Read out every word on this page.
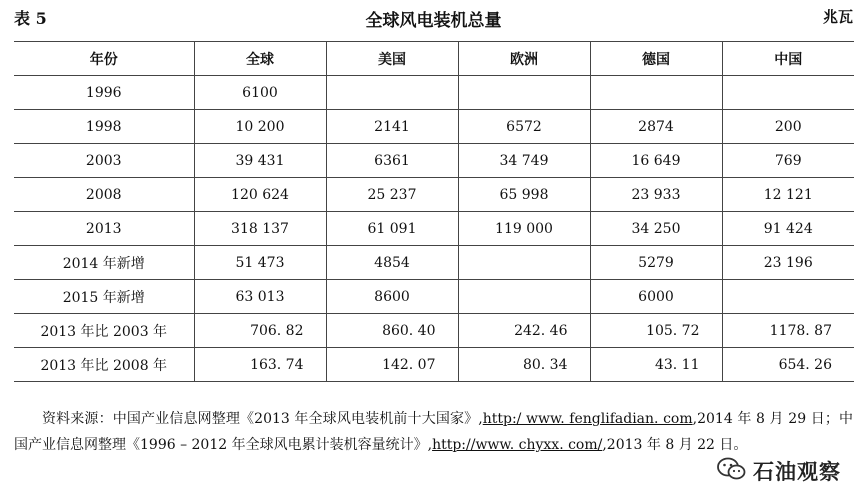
表 5	全球风电装机总量	兆瓦
年份	全球	美国	欧洲	德国	中国
1996	6100				
1998	10 200	2141	6572	2874	200
2003	39 431	6361	34 749	16 649	769
2008	120 624	25 237	65 998	23 933	12 121
2013	318 137	61 091	119 000	34 250	91 424
2014 年新增	51 473	4854		5279	23 196
2015 年新增	63 013	8600		6000	
2013 年比 2003 年	706. 82	860. 40	242. 46	105. 72	1178. 87
2013 年比 2008 年	163. 74	142. 07	80. 34	43. 11	654. 26

资料来源：中国产业信息网整理《2013 年全球风电装机前十大国家》,http:/ www. fenglifadian. com,2014 年 8 月 29 日；中国产业信息网整理《1996 – 2012 年全球风电累计装机容量统计》,http://www. chyxx. com/,2013 年 8 月 22 日。

石油观察
